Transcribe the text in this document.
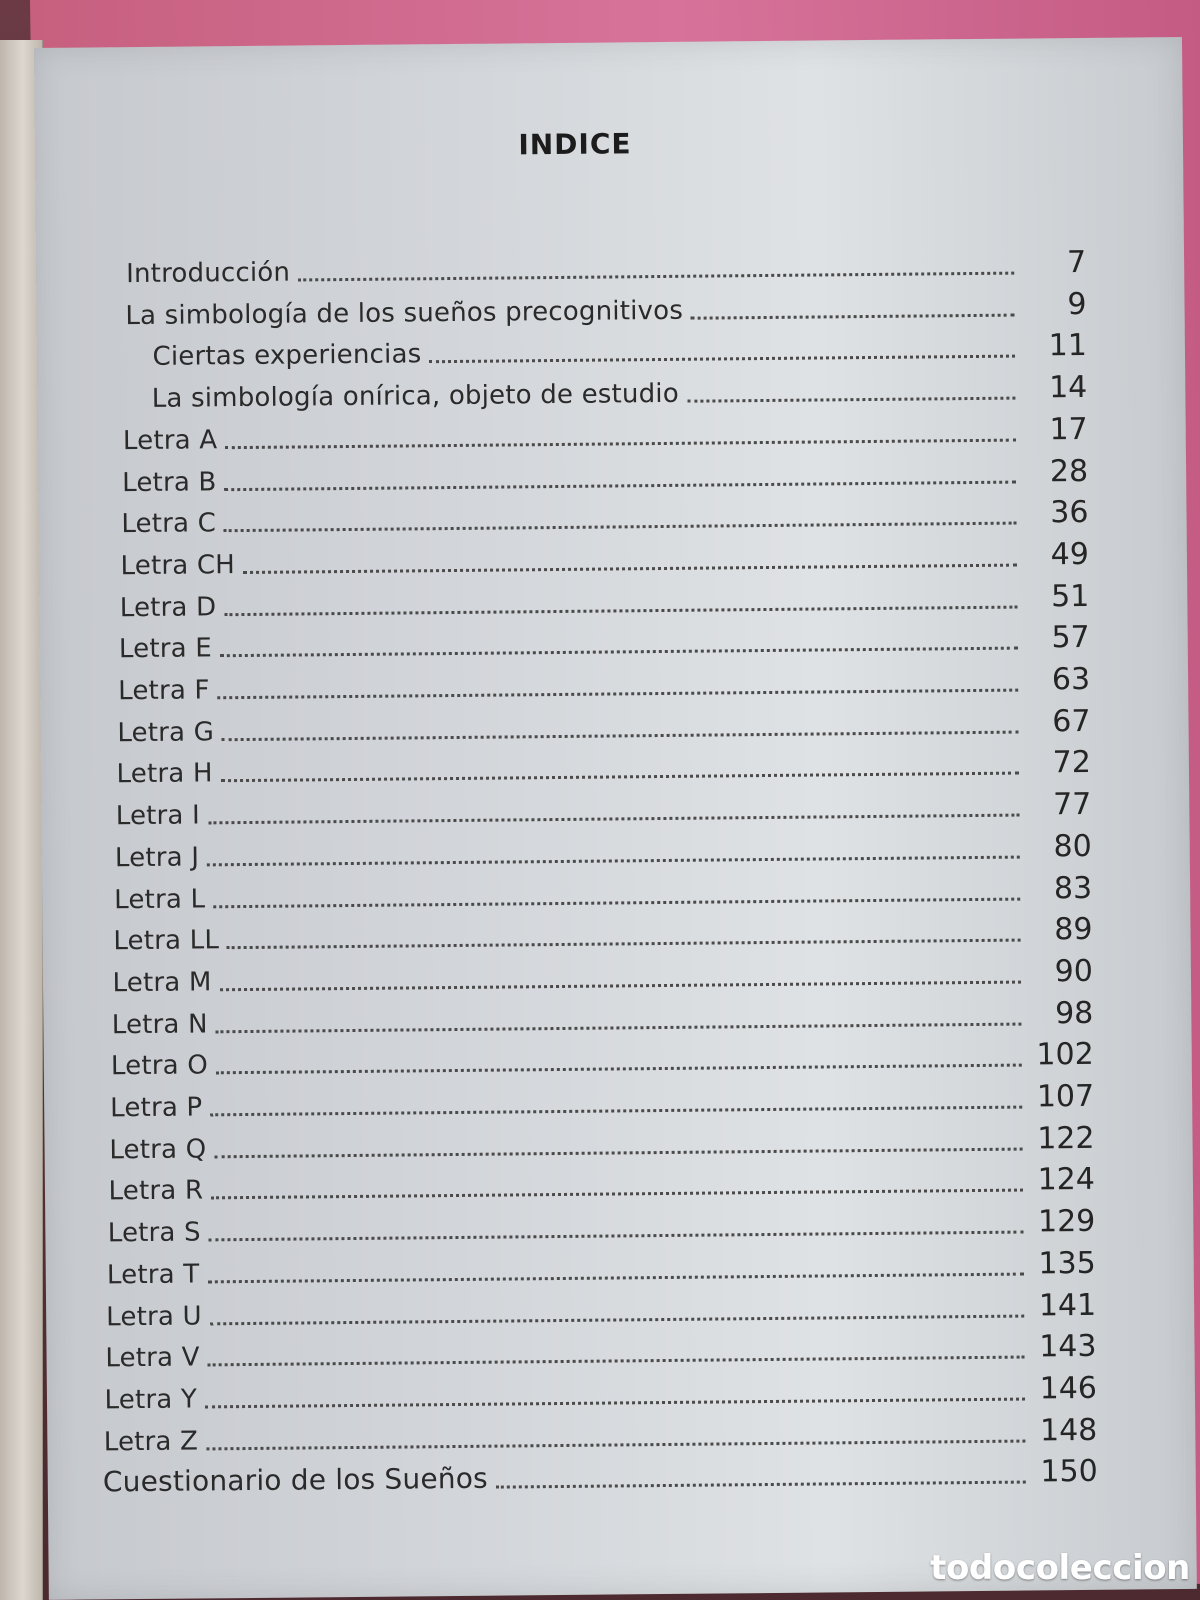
INDICE
Introducción	7
La simbología de los sueños precognitivos	9
Ciertas experiencias	11
La simbología onírica, objeto de estudio	14
Letra A	17
Letra B	28
Letra C	36
Letra CH	49
Letra D	51
Letra E	57
Letra F	63
Letra G	67
Letra H	72
Letra I	77
Letra J	80
Letra L	83
Letra LL	89
Letra M	90
Letra N	98
Letra O	102
Letra P	107
Letra Q	122
Letra R	124
Letra S	129
Letra T	135
Letra U	141
Letra V	143
Letra Y	146
Letra Z	148
Cuestionario de los Sueños	150
todocoleccion
